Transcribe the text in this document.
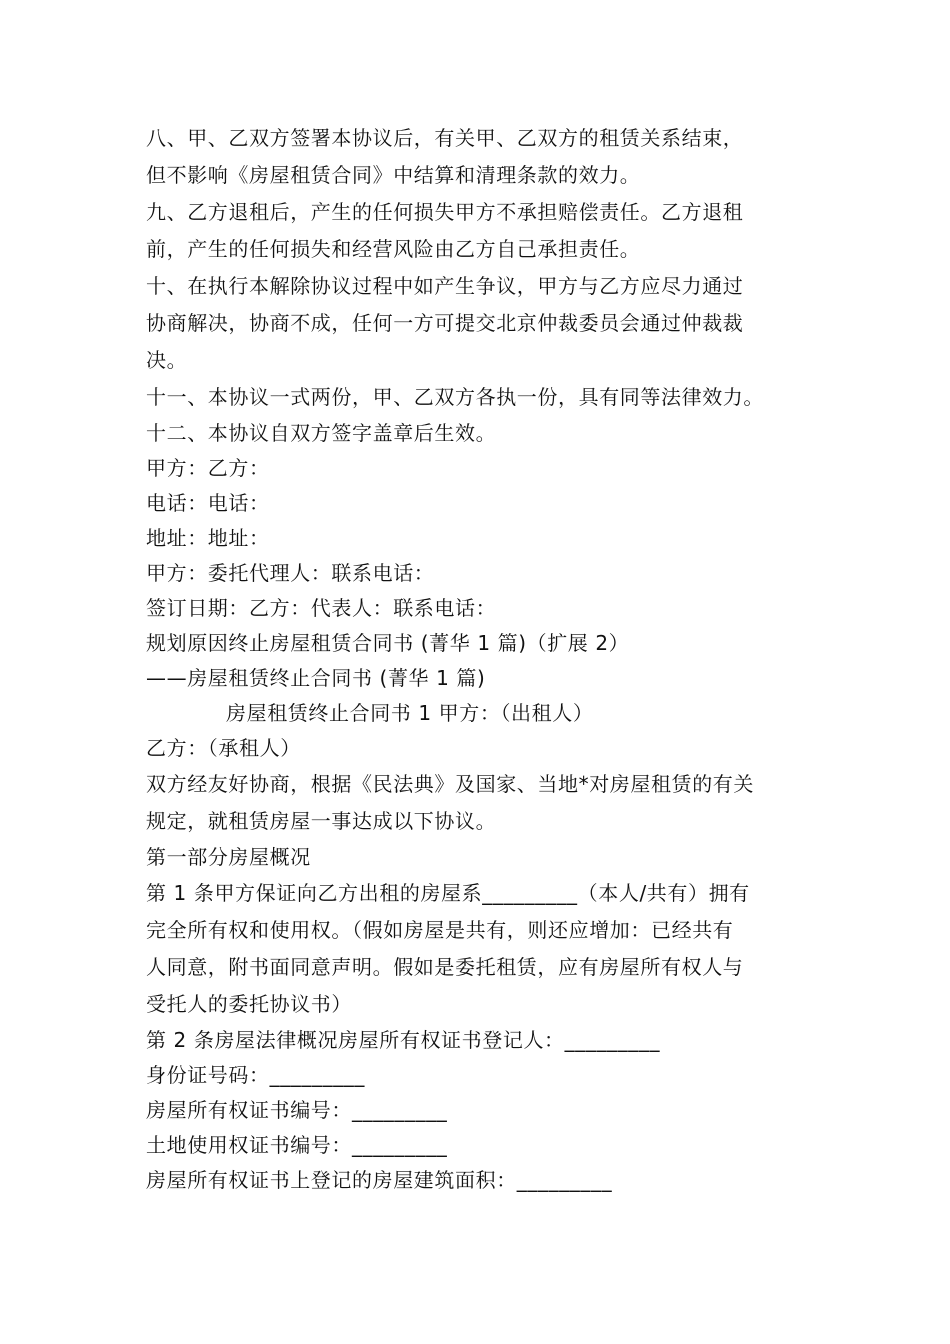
八、甲、乙双方签署本协议后，有关甲、乙双方的租赁关系结束，
但不影响《房屋租赁合同》中结算和清理条款的效力。
九、乙方退租后，产生的任何损失甲方不承担赔偿责任。乙方退租
前，产生的任何损失和经营风险由乙方自己承担责任。
十、在执行本解除协议过程中如产生争议，甲方与乙方应尽力通过
协商解决，协商不成，任何一方可提交北京仲裁委员会通过仲裁裁
决。
十一、本协议一式两份，甲、乙双方各执一份，具有同等法律效力。
十二、本协议自双方签字盖章后生效。
甲方：乙方：
电话：电话：
地址：地址：
甲方：委托代理人：联系电话：
签订日期：乙方：代表人：联系电话：
规划原因终止房屋租赁合同书 (菁华 1 篇)（扩展 2）
——房屋租赁终止合同书 (菁华 1 篇)
房屋租赁终止合同书 1 甲方：（出租人）
乙方：（承租人）
双方经友好协商，根据《民法典》及国家、当地*对房屋租赁的有关
规定，就租赁房屋一事达成以下协议。
第一部分房屋概况
第 1 条甲方保证向乙方出租的房屋系_________（本人/共有）拥有
完全所有权和使用权。（假如房屋是共有，则还应增加：已经共有
人同意，附书面同意声明。假如是委托租赁，应有房屋所有权人与
受托人的委托协议书）
第 2 条房屋法律概况房屋所有权证书登记人：_________
身份证号码：_________
房屋所有权证书编号：_________
土地使用权证书编号：_________
房屋所有权证书上登记的房屋建筑面积：_________
